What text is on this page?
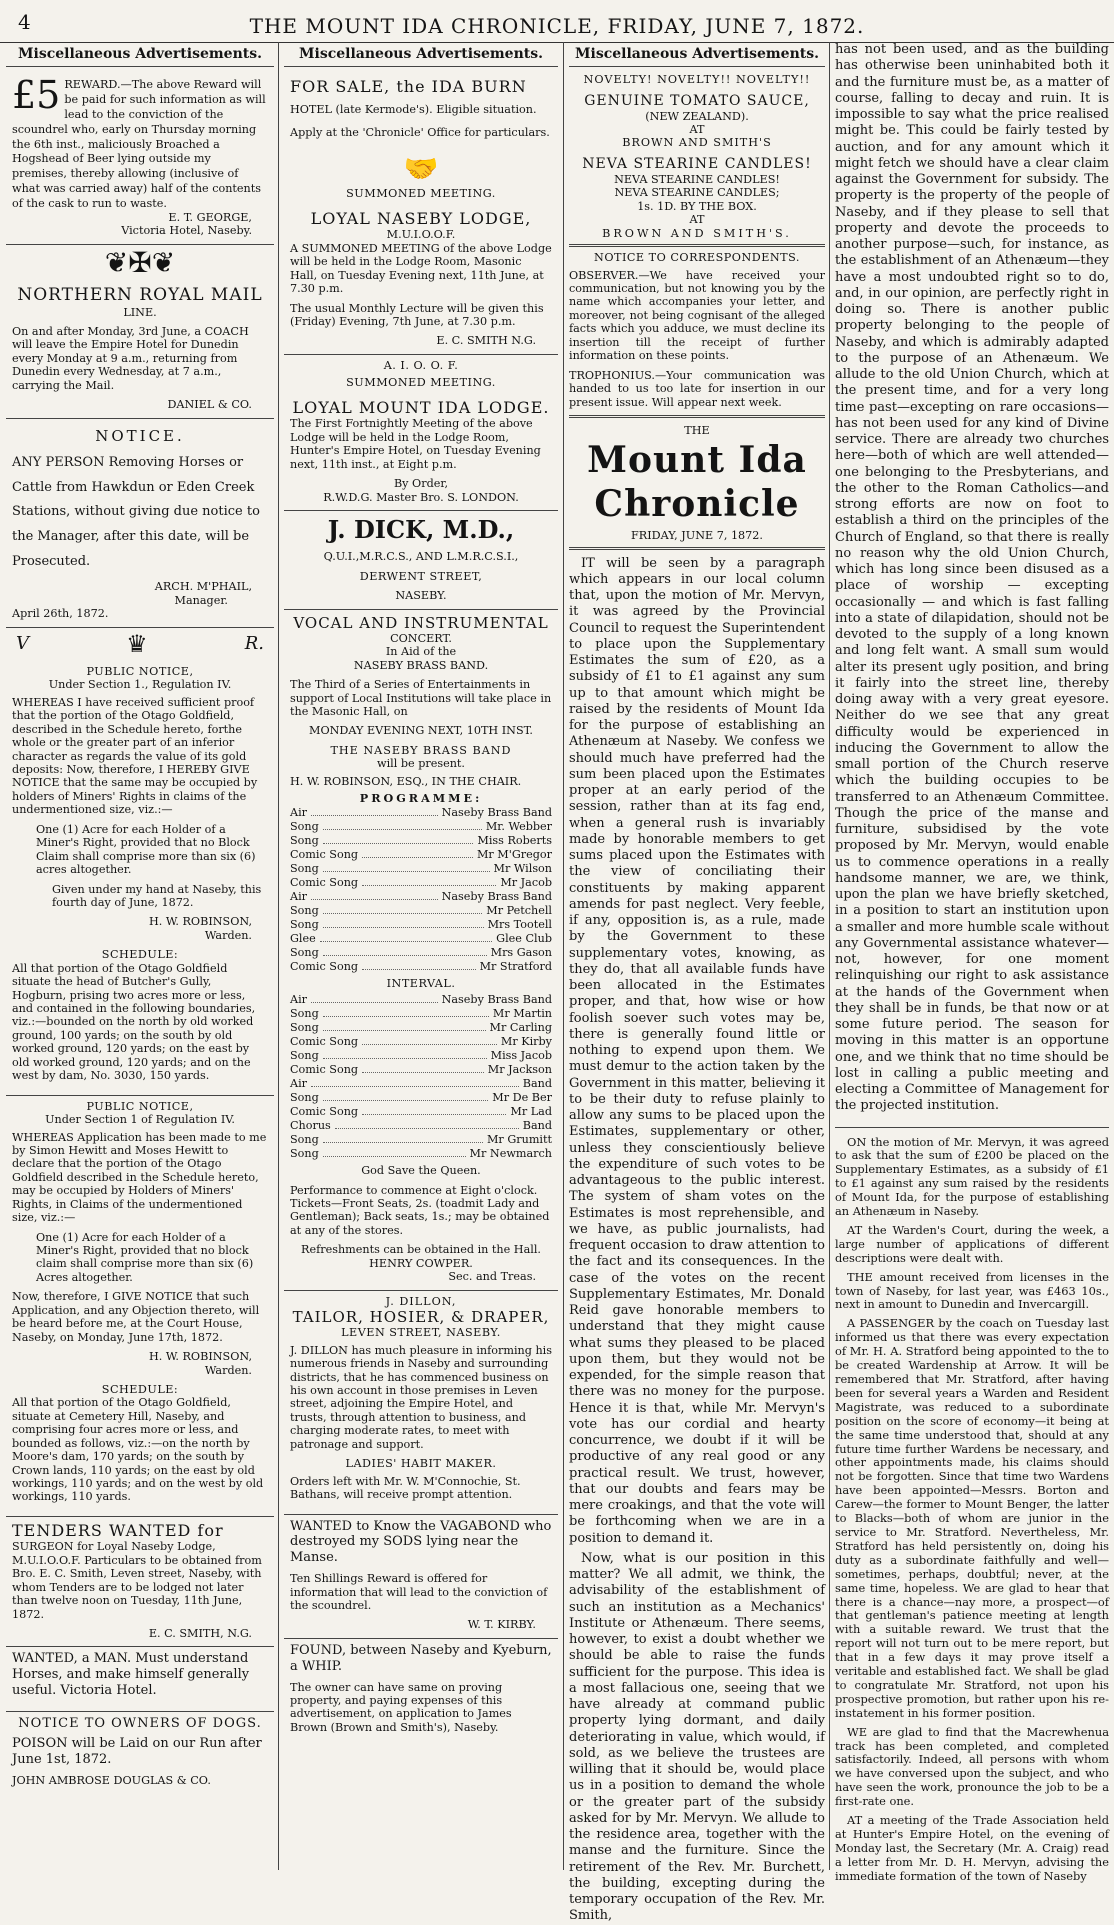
4	THE MOUNT IDA CHRONICLE, FRIDAY, JUNE 7, 1872.
Miscellaneous Advertisements.
£5 REWARD.—The above Reward will be paid for such information as will lead to the conviction of the scoundrel who, early on Thursday morning the 6th inst., maliciously Broached a Hogshead of Beer lying outside my premises, thereby allowing (inclusive of what was carried away) half of the contents of the cask to run to waste.
E. T. GEORGE,
Victoria Hotel, Naseby.
❦✠❦
NORTHERN ROYAL MAIL
LINE.

On and after Monday, 3rd June, a COACH will leave the Empire Hotel for Dunedin every Monday at 9 a.m., returning from Dunedin every Wednesday, at 7 a.m., carrying the Mail.

DANIEL & CO.
NOTICE.

ANY PERSON Removing Horses or Cattle from Hawkdun or Eden Creek Stations, without giving due notice to the Manager, after this date, will be Prosecuted.

ARCH. M'PHAIL,
Manager.
April 26th, 1872.
V	♛	R.
PUBLIC NOTICE,
Under Section 1., Regulation IV.

WHEREAS I have received sufficient proof that the portion of the Otago Goldfield, described in the Schedule hereto, forthe whole or the greater part of an inferior character as regards the value of its gold deposits: Now, therefore, I HEREBY GIVE NOTICE that the same may be occupied by holders of Miners' Rights in claims of the undermentioned size, viz.:—

One (1) Acre for each Holder of a Miner's Right, provided that no Block Claim shall comprise more than six (6) acres altogether.

Given under my hand at Naseby, this fourth day of June, 1872.

H. W. ROBINSON,
Warden.
SCHEDULE:

All that portion of the Otago Goldfield situate the head of Butcher's Gully, Hogburn, prising two acres more or less, and contained in the following boundaries, viz.:—bounded on the north by old worked ground, 100 yards; on the south by old worked ground, 120 yards; on the east by old worked ground, 120 yards; and on the west by dam, No. 3030, 150 yards.

PUBLIC NOTICE,
Under Section 1 of Regulation IV.

WHEREAS Application has been made to me by Simon Hewitt and Moses Hewitt to declare that the portion of the Otago Goldfield described in the Schedule hereto, may be occupied by Holders of Miners' Rights, in Claims of the undermentioned size, viz.:—

One (1) Acre for each Holder of a Miner's Right, provided that no block claim shall comprise more than six (6) Acres altogether.

Now, therefore, I GIVE NOTICE that such Application, and any Objection thereto, will be heard before me, at the Court House, Naseby, on Monday, June 17th, 1872.

H. W. ROBINSON,
Warden.
SCHEDULE:

All that portion of the Otago Goldfield, situate at Cemetery Hill, Naseby, and comprising four acres more or less, and bounded as follows, viz.:—on the north by Moore's dam, 170 yards; on the south by Crown lands, 110 yards; on the east by old workings, 110 yards; and on the west by old workings, 110 yards.

TENDERS WANTED for

SURGEON for Loyal Naseby Lodge, M.U.I.O.O.F. Particulars to be obtained from Bro. E. C. Smith, Leven street, Naseby, with whom Tenders are to be lodged not later than twelve noon on Tuesday, 11th June, 1872.

E. C. SMITH, N.G.

WANTED, a MAN. Must understand Horses, and make himself generally useful. Victoria Hotel.

NOTICE TO OWNERS OF DOGS.

POISON will be Laid on our Run after June 1st, 1872.

JOHN AMBROSE DOUGLAS & CO.
Miscellaneous Advertisements.
FOR SALE, the IDA BURN

HOTEL (late Kermode's). Eligible situation.

Apply at the 'Chronicle' Office for particulars.

🤝
SUMMONED MEETING.
LOYAL NASEBY LODGE,
M.U.I.O.O.F.

A SUMMONED MEETING of the above Lodge will be held in the Lodge Room, Masonic Hall, on Tuesday Evening next, 11th June, at 7.30 p.m.

The usual Monthly Lecture will be given this (Friday) Evening, 7th June, at 7.30 p.m.

E. C. SMITH N.G.
A. I. O. O. F.
SUMMONED MEETING.
LOYAL MOUNT IDA LODGE.

The First Fortnightly Meeting of the above Lodge will be held in the Lodge Room, Hunter's Empire Hotel, on Tuesday Evening next, 11th inst., at Eight p.m.

By Order,
R.W.D.G. Master Bro. S. LONDON.
J. DICK, M.D.,
Q.U.I.,M.R.C.S., AND L.M.R.C.S.I.,
DERWENT STREET,
NASEBY.
VOCAL AND INSTRUMENTAL
CONCERT.
In Aid of the
NASEBY BRASS BAND.

The Third of a Series of Entertainments in support of Local Institutions will take place in the Masonic Hall, on

MONDAY EVENING NEXT, 10TH INST.
THE NASEBY BRASS BAND
will be present.
H. W. ROBINSON, ESQ., IN THE CHAIR.
PROGRAMME:
Air	Naseby Brass Band
Song	Mr. Webber
Song	Miss Roberts
Comic Song	Mr M'Gregor
Song	Mr Wilson
Comic Song	Mr Jacob
Air	Naseby Brass Band
Song	Mr Petchell
Song	Mrs Tootell
Glee	Glee Club
Song	Mrs Gason
Comic Song	Mr Stratford
INTERVAL.
Air	Naseby Brass Band
Song	Mr Martin
Song	Mr Carling
Comic Song	Mr Kirby
Song	Miss Jacob
Comic Song	Mr Jackson
Air	Band
Song	Mr De Ber
Comic Song	Mr Lad
Chorus	Band
Song	Mr Grumitt
Song	Mr Newmarch
God Save the Queen.

Performance to commence at Eight o'clock. Tickets—Front Seats, 2s. (toadmit Lady and Gentleman); Back seats, 1s.; may be obtained at any of the stores.

Refreshments can be obtained in the Hall.
HENRY COWPER.
Sec. and Treas.
J. DILLON,
TAILOR, HOSIER, & DRAPER,
LEVEN STREET, NASEBY.

J. DILLON has much pleasure in informing his numerous friends in Naseby and surrounding districts, that he has commenced business on his own account in those premises in Leven street, adjoining the Empire Hotel, and trusts, through attention to business, and charging moderate rates, to meet with patronage and support.

LADIES' HABIT MAKER.

Orders left with Mr. W. M'Connochie, St. Bathans, will receive prompt attention.

WANTED to Know the VAGABOND who destroyed my SODS lying near the Manse.

Ten Shillings Reward is offered for information that will lead to the conviction of the scoundrel.

W. T. KIRBY.

FOUND, between Naseby and Kyeburn, a WHIP.

The owner can have same on proving property, and paying expenses of this advertisement, on application to James Brown (Brown and Smith's), Naseby.

Miscellaneous Advertisements.
NOVELTY! NOVELTY!! NOVELTY!!
GENUINE TOMATO SAUCE,
(NEW ZEALAND).
AT
BROWN AND SMITH'S
NEVA STEARINE CANDLES!
NEVA STEARINE CANDLES!
NEVA STEARINE CANDLES;
1s. 1D. BY THE BOX.
AT
BROWN AND SMITH'S.
NOTICE TO CORRESPONDENTS.

OBSERVER.—We have received your communication, but not knowing you by the name which accompanies your letter, and moreover, not being cognisant of the alleged facts which you adduce, we must decline its insertion till the receipt of further information on these points.

TROPHONIUS.—Your communication was handed to us too late for insertion in our present issue. Will appear next week.

THE
Mount Ida Chronicle
FRIDAY, JUNE 7, 1872.

IT will be seen by a paragraph which appears in our local column that, upon the motion of Mr. Mervyn, it was agreed by the Provincial Council to request the Superintendent to place upon the Supplementary Estimates the sum of £20, as a subsidy of £1 to £1 against any sum up to that amount which might be raised by the residents of Mount Ida for the purpose of establishing an Athenæum at Naseby. We confess we should much have preferred had the sum been placed upon the Estimates proper at an early period of the session, rather than at its fag end, when a general rush is invariably made by honorable members to get sums placed upon the Estimates with the view of conciliating their constituents by making apparent amends for past neglect. Very feeble, if any, opposition is, as a rule, made by the Government to these supplementary votes, knowing, as they do, that all available funds have been allocated in the Estimates proper, and that, how wise or how foolish soever such votes may be, there is generally found little or nothing to expend upon them. We must demur to the action taken by the Government in this matter, believing it to be their duty to refuse plainly to allow any sums to be placed upon the Estimates, supplementary or other, unless they conscientiously believe the expenditure of such votes to be advantageous to the public interest. The system of sham votes on the Estimates is most reprehensible, and we have, as public journalists, had frequent occasion to draw attention to the fact and its consequences. In the case of the votes on the recent Supplementary Estimates, Mr. Donald Reid gave honorable members to understand that they might cause what sums they pleased to be placed upon them, but they would not be expended, for the simple reason that there was no money for the purpose. Hence it is that, while Mr. Mervyn's vote has our cordial and hearty concurrence, we doubt if it will be productive of any real good or any practical result. We trust, however, that our doubts and fears may be mere croakings, and that the vote will be forthcoming when we are in a position to demand it.

Now, what is our position in this matter? We all admit, we think, the advisability of the establishment of such an institution as a Mechanics' Institute or Athenæum. There seems, however, to exist a doubt whether we should be able to raise the funds sufficient for the purpose. This idea is a most fallacious one, seeing that we have already at command public property lying dormant, and daily deteriorating in value, which would, if sold, as we believe the trustees are willing that it should be, would place us in a position to demand the whole or the greater part of the subsidy asked for by Mr. Mervyn. We allude to the residence area, together with the manse and the furniture. Since the retirement of the Rev. Mr. Burchett, the building, excepting during the temporary occupation of the Rev. Mr. Smith,

has not been used, and as the building has otherwise been uninhabited both it and the furniture must be, as a matter of course, falling to decay and ruin. It is impossible to say what the price realised might be. This could be fairly tested by auction, and for any amount which it might fetch we should have a clear claim against the Government for subsidy. The property is the property of the people of Naseby, and if they please to sell that property and devote the proceeds to another purpose—such, for instance, as the establishment of an Athenæum—they have a most undoubted right so to do, and, in our opinion, are perfectly right in doing so. There is another public property belonging to the people of Naseby, and which is admirably adapted to the purpose of an Athenæum. We allude to the old Union Church, which at the present time, and for a very long time past—excepting on rare occasions—has not been used for any kind of Divine service. There are already two churches here—both of which are well attended—one belonging to the Presbyterians, and the other to the Roman Catholics—and strong efforts are now on foot to establish a third on the principles of the Church of England, so that there is really no reason why the old Union Church, which has long since been disused as a place of worship — excepting occasionally — and which is fast falling into a state of dilapidation, should not be devoted to the supply of a long known and long felt want. A small sum would alter its present ugly position, and bring it fairly into the street line, thereby doing away with a very great eyesore. Neither do we see that any great difficulty would be experienced in inducing the Government to allow the small portion of the Church reserve which the building occupies to be transferred to an Athenæum Committee. Though the price of the manse and furniture, subsidised by the vote proposed by Mr. Mervyn, would enable us to commence operations in a really handsome manner, we are, we think, upon the plan we have briefly sketched, in a position to start an institution upon a smaller and more humble scale without any Governmental assistance whatever—not, however, for one moment relinquishing our right to ask assistance at the hands of the Government when they shall be in funds, be that now or at some future period. The season for moving in this matter is an opportune one, and we think that no time should be lost in calling a public meeting and electing a Committee of Management for the projected institution.

ON the motion of Mr. Mervyn, it was agreed to ask that the sum of £200 be placed on the Supplementary Estimates, as a subsidy of £1 to £1 against any sum raised by the residents of Mount Ida, for the purpose of establishing an Athenæum in Naseby.

AT the Warden's Court, during the week, a large number of applications of different descriptions were dealt with.

THE amount received from licenses in the town of Naseby, for last year, was £463 10s., next in amount to Dunedin and Invercargill.

A PASSENGER by the coach on Tuesday last informed us that there was every expectation of Mr. H. A. Stratford being appointed to the to be created Wardenship at Arrow. It will be remembered that Mr. Stratford, after having been for several years a Warden and Resident Magistrate, was reduced to a subordinate position on the score of economy—it being at the same time understood that, should at any future time further Wardens be necessary, and other appointments made, his claims should not be forgotten. Since that time two Wardens have been appointed—Messrs. Borton and Carew—the former to Mount Benger, the latter to Blacks—both of whom are junior in the service to Mr. Stratford. Nevertheless, Mr. Stratford has held persistently on, doing his duty as a subordinate faithfully and well—sometimes, perhaps, doubtful; never, at the same time, hopeless. We are glad to hear that there is a chance—nay more, a prospect—of that gentleman's patience meeting at length with a suitable reward. We trust that the report will not turn out to be mere report, but that in a few days it may prove itself a veritable and established fact. We shall be glad to congratulate Mr. Stratford, not upon his prospective promotion, but rather upon his re-instatement in his former position.

WE are glad to find that the Macrewhenua track has been completed, and completed satisfactorily. Indeed, all persons with whom we have conversed upon the subject, and who have seen the work, pronounce the job to be a first-rate one.

AT a meeting of the Trade Association held at Hunter's Empire Hotel, on the evening of Monday last, the Secretary (Mr. A. Craig) read a letter from Mr. D. H. Mervyn, advising the immediate formation of the town of Naseby
